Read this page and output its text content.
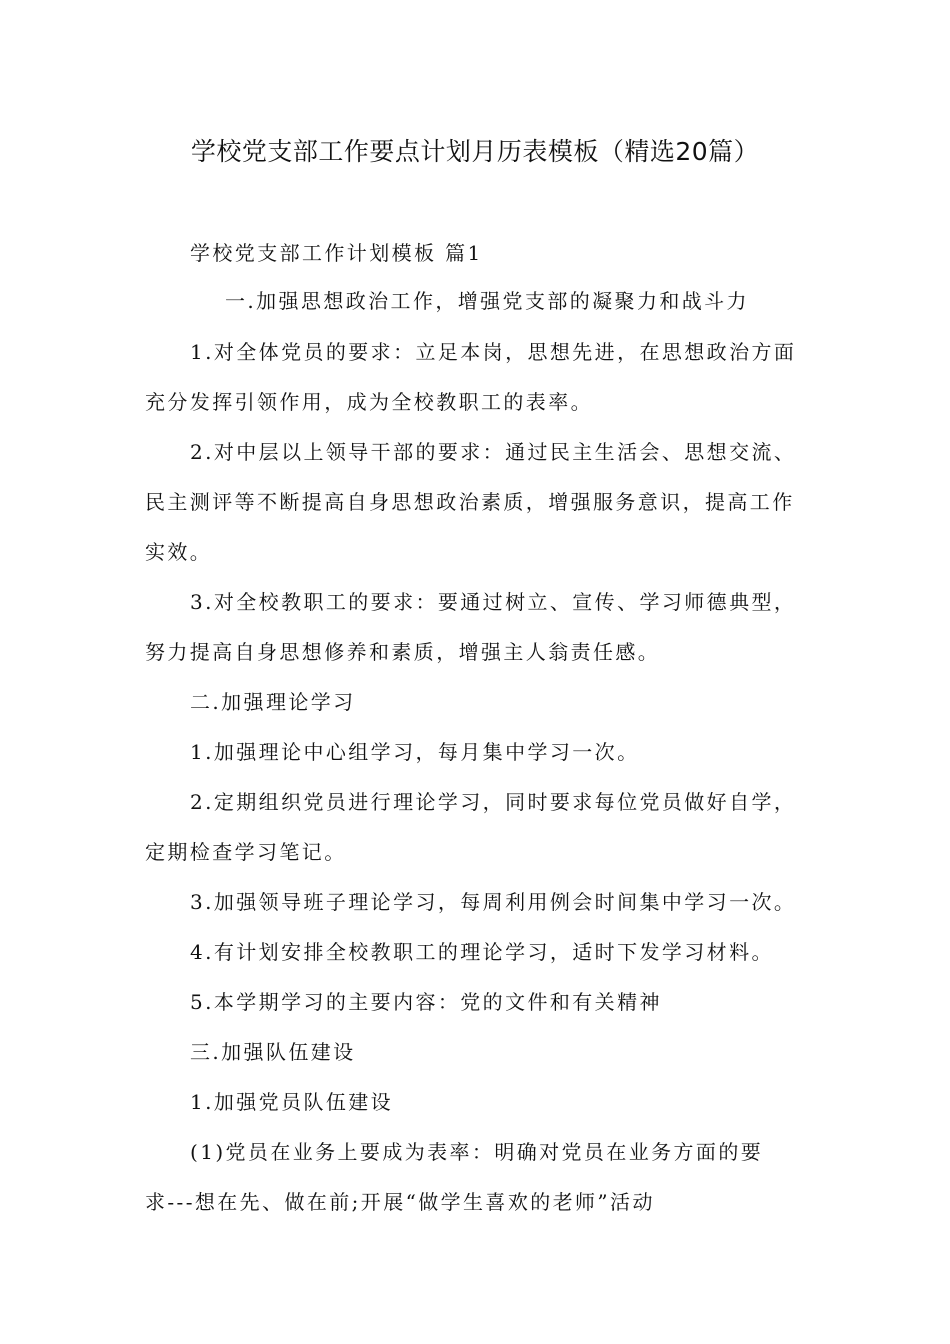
学校党支部工作要点计划月历表模板（精选20篇）
学校党支部工作计划模板 篇1
一.加强思想政治工作，增强党支部的凝聚力和战斗力
1.对全体党员的要求：立足本岗，思想先进，在思想政治方面
充分发挥引领作用，成为全校教职工的表率。
2.对中层以上领导干部的要求：通过民主生活会、思想交流、
民主测评等不断提高自身思想政治素质，增强服务意识，提高工作
实效。
3.对全校教职工的要求：要通过树立、宣传、学习师德典型，
努力提高自身思想修养和素质，增强主人翁责任感。
二.加强理论学习
1.加强理论中心组学习，每月集中学习一次。
2.定期组织党员进行理论学习，同时要求每位党员做好自学，
定期检查学习笔记。
3.加强领导班子理论学习，每周利用例会时间集中学习一次。
4.有计划安排全校教职工的理论学习，适时下发学习材料。
5.本学期学习的主要内容：党的文件和有关精神
三.加强队伍建设
1.加强党员队伍建设
(1)党员在业务上要成为表率：明确对党员在业务方面的要
求---想在先、做在前;开展“做学生喜欢的老师”活动
